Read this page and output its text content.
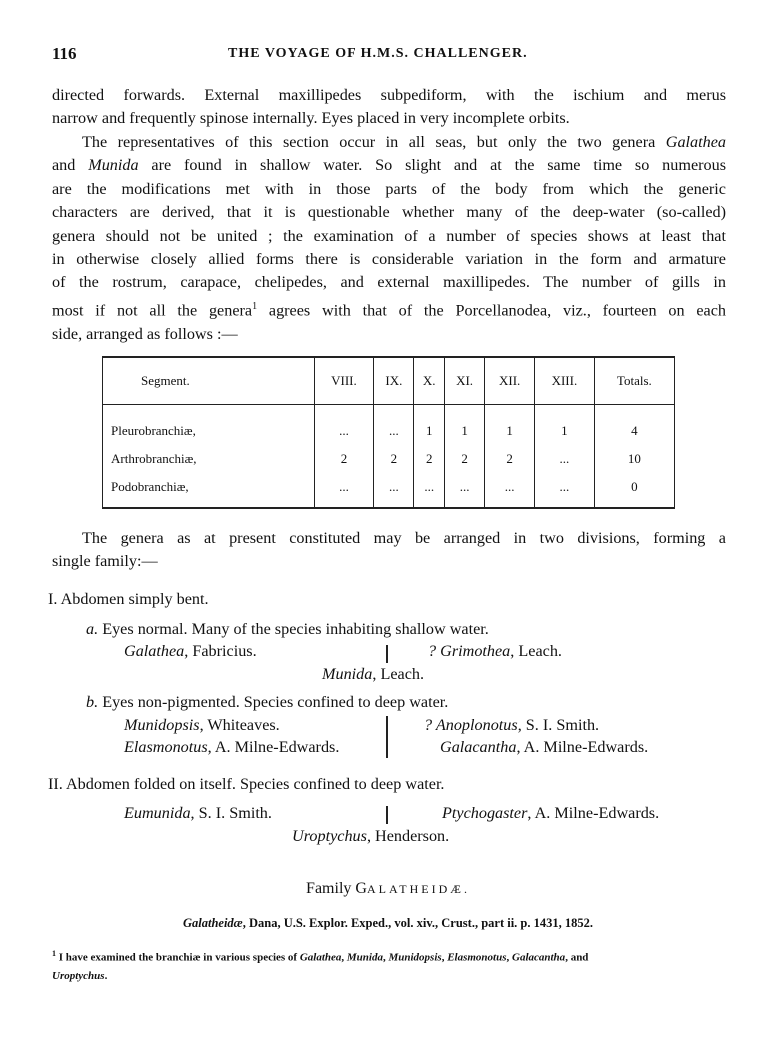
116	THE VOYAGE OF H.M.S. CHALLENGER.
directed forwards. External maxillipedes subpediform, with the ischium and merus
narrow and frequently spinose internally. Eyes placed in very incomplete orbits.
The representatives of this section occur in all seas, but only the two genera Galathea
and Munida are found in shallow water. So slight and at the same time so numerous
are the modifications met with in those parts of the body from which the generic
characters are derived, that it is questionable whether many of the deep-water (so-called)
genera should not be united ; the examination of a number of species shows at least that
in otherwise closely allied forms there is considerable variation in the form and armature
of the rostrum, carapace, chelipedes, and external maxillipedes. The number of gills in
most if not all the genera$^1$ agrees with that of the Porcellanodea, viz., fourteen on each
side, arranged as follows :—
Segment.	VIII.	IX.	X.	XI.	XII.	XIII.	Totals.
Pleurobranchiæ,	...	...	1	1	1	1	4
Arthrobranchiæ,	2	2	2	2	2	...	10
Podobranchiæ,	...	...	...	...	...	...	0
The genera as at present constituted may be arranged in two divisions, forming a
single family:—
I. Abdomen simply bent.
a. Eyes normal. Many of the species inhabiting shallow water.
Galathea, Fabricius.	? Grimothea, Leach.
Munida, Leach.
b. Eyes non-pigmented. Species confined to deep water.
Munidopsis, Whiteaves.	? Anoplonotus, S. I. Smith.
Elasmonotus, A. Milne-Edwards.	Galacantha, A. Milne-Edwards.
II. Abdomen folded on itself. Species confined to deep water.
Eumunida, S. I. Smith.	Ptychogaster, A. Milne-Edwards.
Uroptychus, Henderson.
Family GALATHEIDÆ.
Galatheidæ, Dana, U.S. Explor. Exped., vol. xiv., Crust., part ii. p. 1431, 1852.
$^1$ I have examined the branchiæ in various species of Galathea, Munida, Munidopsis, Elasmonotus, Galacantha, and
Uroptychus.
